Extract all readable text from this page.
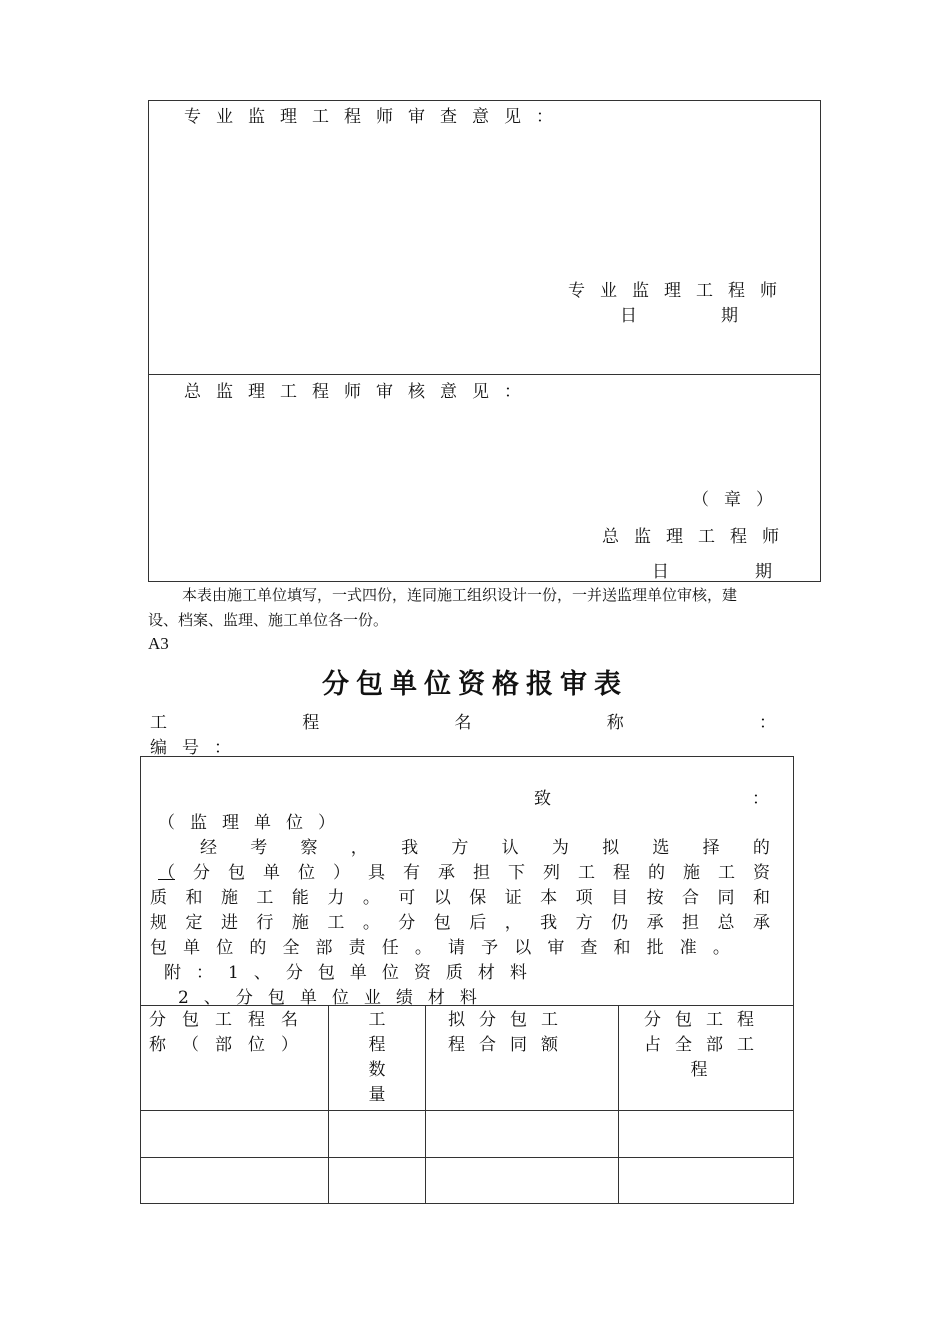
专业监理工程师审查意见：
专业监理工程师
日	期
总监理工程师审核意见：
（章）
总监理工程师
日	期
本表由施工单位填写，一式四份，连同施工组织设计一份，一并送监理单位审核，建
设、档案、监理、施工单位各一份。
A3
分包单位资格报审表
工	程	名	称	：
编号：
致	：
（监理单位）
经 考 察 ， 我 方 认 为 拟 选 择 的
（ 分 包 单 位 ） 具 有 承 担 下 列 工 程 的 施 工 资
质 和 施 工 能 力 。 可 以 保 证 本 项 目 按 合 同 和
规 定 进 行 施 工 。 分 包 后 ， 我 方 仍 承 担 总 承
包 单 位 的 全 部 责 任 。 请 予 以 审 查 和 批 准 。
附：1、分包单位资质材料
2、分包单位业绩材料
分包工程名称（部位）	工程数量	拟分包工程合同额	分包工程占全部工程
